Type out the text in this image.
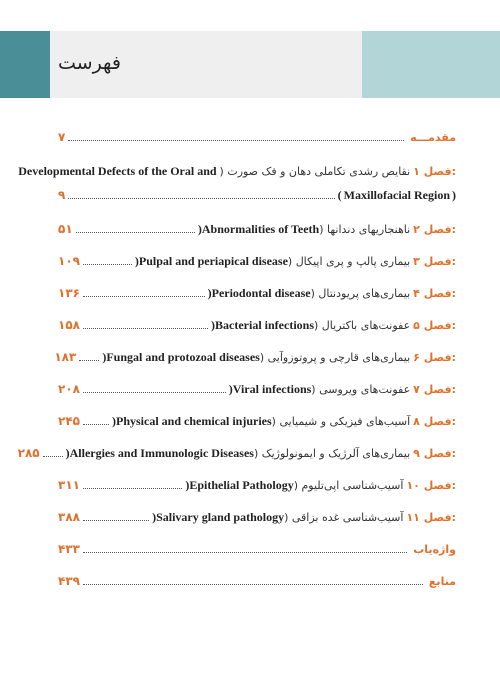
فهرست
مقدمـــه
۷
فصل ۱:
نقایص رشدی تکاملی دهان و فک صورت (
Developmental Defects of the Oral and
)
Maxillofacial Region
(
۹
فصل ۲:
ناهنجاریهای دندانها (
Abnormalities of Teeth
)
۵۱
فصل ۳:
بیماری پالپ و پری اپیکال (
Pulpal and periapical disease
)
۱۰۹
فصل ۴:
بیماری‌های پریودنتال (
Periodontal disease
)
۱۳۶
فصل ۵:
عفونت‌های باکتریال (
Bacterial infections
)
۱۵۸
فصل ۶:
بیماری‌های قارچی و پروتوزوآیی (
Fungal and protozoal diseases
)
۱۸۳
فصل ۷:
عفونت‌های ویروسی (
Viral infections
)
۲۰۸
فصل ۸:
آسیب‌های فیزیکی و شیمیایی (
Physical and chemical injuries
)
۲۴۵
فصل ۹:
بیماری‌های آلرژیک و ایمونولوژیک (
Allergies and Immunologic Diseases
)
۲۸۵
فصل ۱۰:
آسیب‌شناسی اپی‌تلیوم (
Epithelial Pathology
)
۳۱۱
فصل ۱۱:
آسیب‌شناسی غده بزاقی (
Salivary gland pathology
)
۳۸۸
واژه‌یاب
۴۳۳
منابع
۴۳۹
